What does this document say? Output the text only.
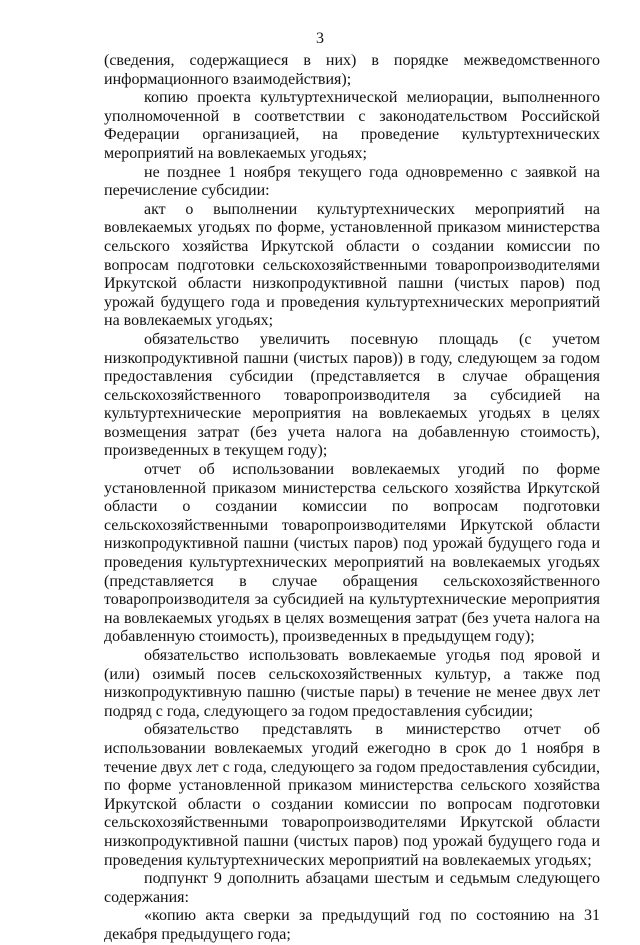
3

(сведения, содержащиеся в них) в порядке межведомственного информационного взаимодействия);

копию проекта культуртехнической мелиорации, выполненного уполномоченной в соответствии с законодательством Российской Федерации организацией, на проведение культуртехнических мероприятий на вовлекаемых угодьях;

не позднее 1 ноября текущего года одновременно с заявкой на перечисление субсидии:

акт о выполнении культуртехнических мероприятий на вовлекаемых угодьях по форме, установленной приказом министерства сельского хозяйства Иркутской области о создании комиссии по вопросам подготовки сельскохозяйственными товаропроизводителями Иркутской области низкопродуктивной пашни (чистых паров) под урожай будущего года и проведения культуртехнических мероприятий на вовлекаемых угодьях;

обязательство увеличить посевную площадь (с учетом низкопродуктивной пашни (чистых паров)) в году, следующем за годом предоставления субсидии (представляется в случае обращения сельскохозяйственного товаропроизводителя за субсидией на культуртехнические мероприятия на вовлекаемых угодьях в целях возмещения затрат (без учета налога на добавленную стоимость), произведенных в текущем году);

отчет об использовании вовлекаемых угодий по форме установленной приказом министерства сельского хозяйства Иркутской области о создании комиссии по вопросам подготовки сельскохозяйственными товаропроизводителями Иркутской области низкопродуктивной пашни (чистых паров) под урожай будущего года и проведения культуртехнических мероприятий на вовлекаемых угодьях (представляется в случае обращения сельскохозяйственного товаропроизводителя за субсидией на культуртехнические мероприятия на вовлекаемых угодьях в целях возмещения затрат (без учета налога на добавленную стоимость), произведенных в предыдущем году);

обязательство использовать вовлекаемые угодья под яровой и (или) озимый посев сельскохозяйственных культур, а также под низкопродуктивную пашню (чистые пары) в течение не менее двух лет подряд с года, следующего за годом предоставления субсидии;

обязательство представлять в министерство отчет об использовании вовлекаемых угодий ежегодно в срок до 1 ноября в течение двух лет с года, следующего за годом предоставления субсидии, по форме установленной приказом министерства сельского хозяйства Иркутской области о создании комиссии по вопросам подготовки сельскохозяйственными товаропроизводителями Иркутской области низкопродуктивной пашни (чистых паров) под урожай будущего года и проведения культуртехнических мероприятий на вовлекаемых угодьях;

подпункт 9 дополнить абзацами шестым и седьмым следующего содержания:

«копию акта сверки за предыдущий год по состоянию на 31 декабря предыдущего года;
